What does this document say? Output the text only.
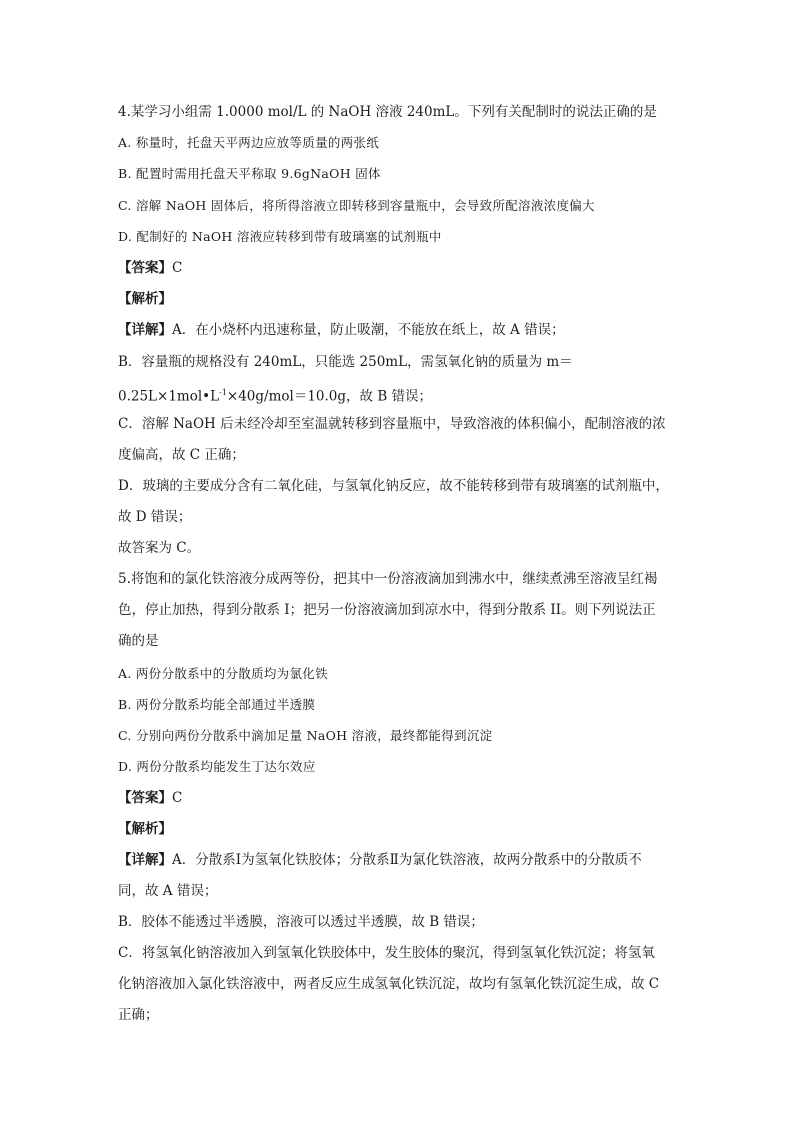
4.某学习小组需 1.0000 mol/L 的 NaOH 溶液 240mL。下列有关配制时的说法正确的是
A. 称量时，托盘天平两边应放等质量的两张纸
B. 配置时需用托盘天平称取 9.6gNaOH 固体
C. 溶解 NaOH 固体后，将所得溶液立即转移到容量瓶中，会导致所配溶液浓度偏大
D. 配制好的 NaOH 溶液应转移到带有玻璃塞的试剂瓶中
【答案】C
【解析】
【详解】A．在小烧杯内迅速称量，防止吸潮，不能放在纸上，故 A 错误；
B．容量瓶的规格没有 240mL，只能选 250mL，需氢氧化钠的质量为 m＝
$0.25L\times 1mol•L^{-1}\times 40g/mol=10.0g$，故 B 错误；
C．溶解 NaOH 后未经冷却至室温就转移到容量瓶中，导致溶液的体积偏小，配制溶液的浓
度偏高，故 C 正确；
D．玻璃的主要成分含有二氧化硅，与氢氧化钠反应，故不能转移到带有玻璃塞的试剂瓶中，
故 D 错误；
故答案为 C。
5.将饱和的氯化铁溶液分成两等份，把其中一份溶液滴加到沸水中，继续煮沸至溶液呈红褐
色，停止加热，得到分散系 I；把另一份溶液滴加到凉水中，得到分散系 II。则下列说法正
确的是
A. 两份分散系中的分散质均为氯化铁
B. 两份分散系均能全部通过半透膜
C. 分别向两份分散系中滴加足量 NaOH 溶液，最终都能得到沉淀
D. 两份分散系均能发生丁达尔效应
【答案】C
【解析】
【详解】A．分散系Ⅰ为氢氧化铁胶体；分散系Ⅱ为氯化铁溶液，故两分散系中的分散质不
同，故 A 错误；
B．胶体不能透过半透膜，溶液可以透过半透膜，故 B 错误；
C．将氢氧化钠溶液加入到氢氧化铁胶体中，发生胶体的聚沉，得到氢氧化铁沉淀；将氢氧
化钠溶液加入氯化铁溶液中，两者反应生成氢氧化铁沉淀，故均有氢氧化铁沉淀生成，故 C
正确；
